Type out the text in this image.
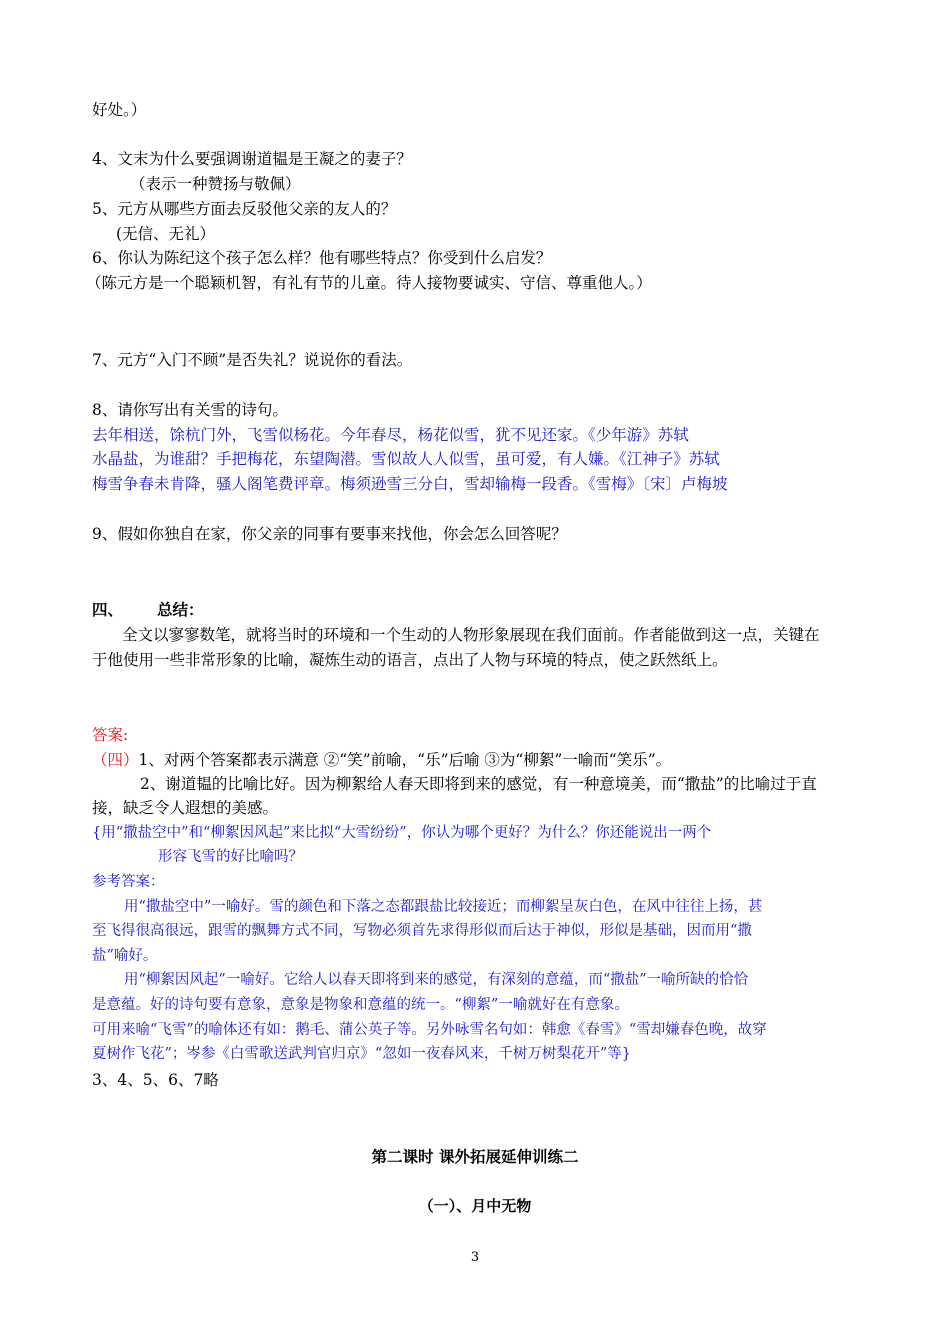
好处。）
4、文末为什么要强调谢道韫是王凝之的妻子？
（表示一种赞扬与敬佩）
5、元方从哪些方面去反驳他父亲的友人的？
(无信、无礼）
6、你认为陈纪这个孩子怎么样？他有哪些特点？你受到什么启发？
（陈元方是一个聪颖机智，有礼有节的儿童。待人接物要诚实、守信、尊重他人。）
7、元方“入门不顾”是否失礼？说说你的看法。
8、请你写出有关雪的诗句。
去年相送，馀杭门外，飞雪似杨花。今年春尽，杨花似雪，犹不见还家。《少年游》苏轼
水晶盐，为谁甜？手把梅花，东望陶潜。雪似故人人似雪，虽可爱，有人嫌。《江神子》苏轼
梅雪争春未肯降，骚人阁笔费评章。梅须逊雪三分白，雪却输梅一段香。《雪梅》〔宋〕卢梅坡
9、假如你独自在家，你父亲的同事有要事来找他，你会怎么回答呢？
四、 总结：
全文以寥寥数笔，就将当时的环境和一个生动的人物形象展现在我们面前。作者能做到这一点，关键在
于他使用一些非常形象的比喻，凝炼生动的语言，点出了人物与环境的特点，使之跃然纸上。
答案:
（四）1、对两个答案都表示满意 ②“笑”前喻，“乐”后喻 ③为“柳絮”一喻而“笑乐”。
2、谢道韫的比喻比好。因为柳絮给人春天即将到来的感觉，有一种意境美，而“撒盐”的比喻过于直
接，缺乏令人遐想的美感。
{用“撒盐空中”和“柳絮因风起”来比拟“大雪纷纷”，你认为哪个更好？为什么？你还能说出一两个
形容飞雪的好比喻吗？
参考答案：
用“撒盐空中”一喻好。雪的颜色和下落之态都跟盐比较接近；而柳絮呈灰白色，在风中往往上扬，甚
至飞得很高很远，跟雪的飘舞方式不同，写物必须首先求得形似而后达于神似，形似是基础，因而用“撒
盐”喻好。
用“柳絮因风起”一喻好。它给人以春天即将到来的感觉，有深刻的意蕴，而“撒盐”一喻所缺的恰恰
是意蕴。好的诗句要有意象，意象是物象和意蕴的统一。“柳絮”一喻就好在有意象。
可用来喻“飞雪”的喻体还有如：鹅毛、蒲公英子等。另外咏雪名句如：韩愈《春雪》“雪却嫌春色晚，故穿
夏树作飞花”；岑参《白雪歌送武判官归京》“忽如一夜春风来，千树万树梨花开”等}
3、4、5、6、7略
第二课时 课外拓展延伸训练二
（一）、月中无物
3
